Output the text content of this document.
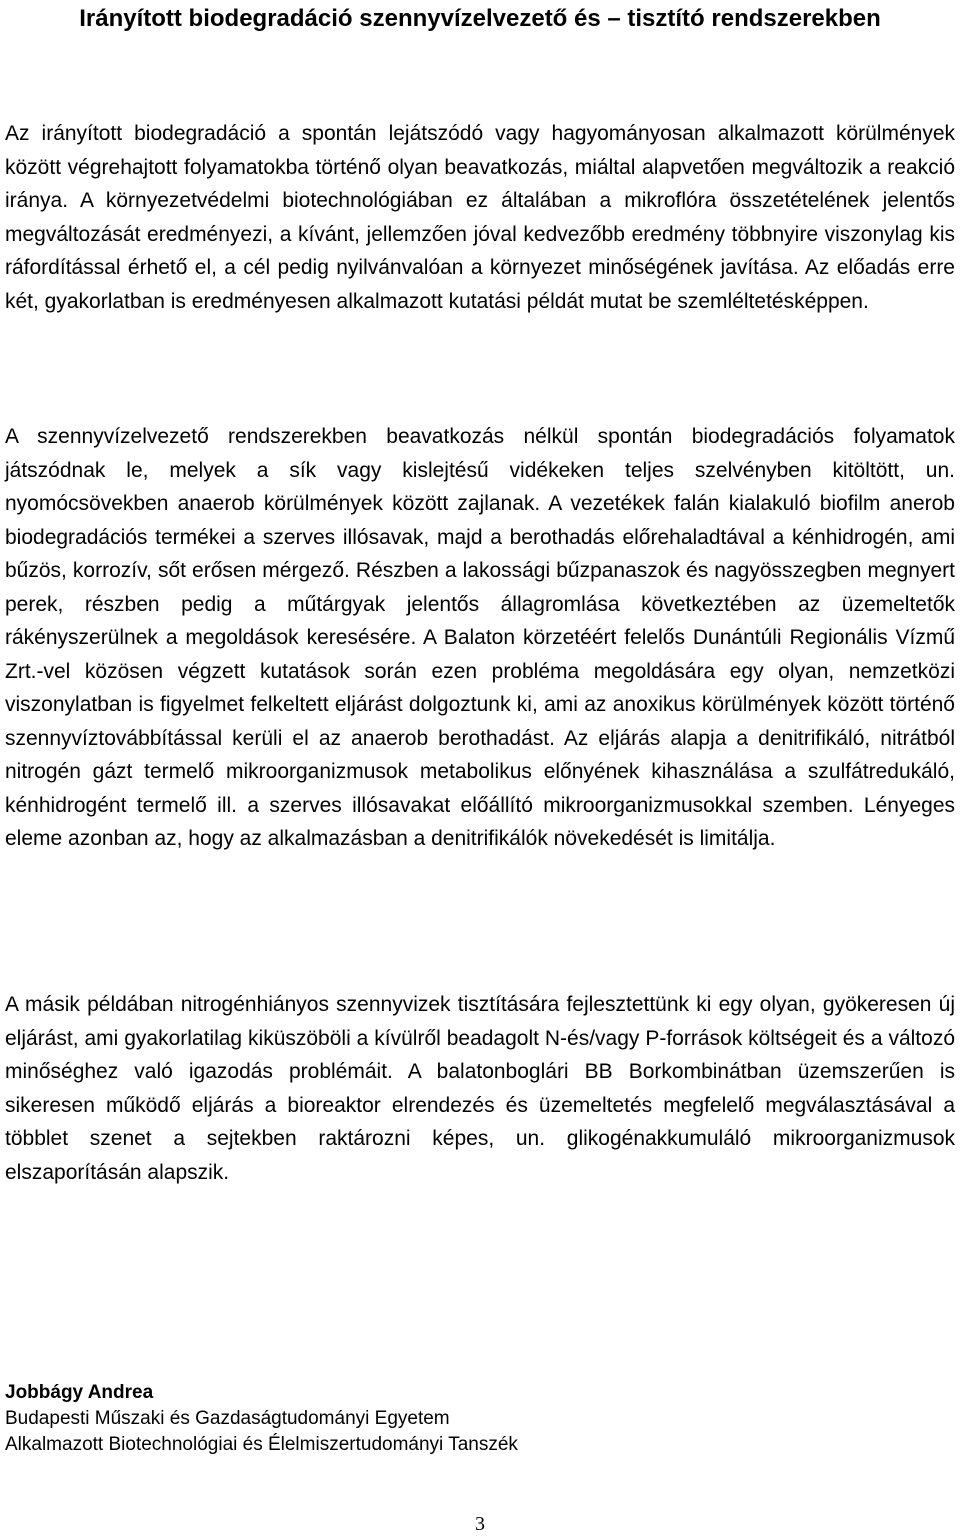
Irányított biodegradáció szennyvízelvezető és – tisztító rendszerekben

Az irányított biodegradáció a spontán lejátszódó vagy hagyományosan alkalmazott körülmények között végrehajtott folyamatokba történő olyan beavatkozás, miáltal alapvetően megváltozik a reakció iránya. A környezetvédelmi biotechnológiában ez általában a mikroflóra összetételének jelentős megváltozását eredményezi, a kívánt, jellemzően jóval kedvezőbb eredmény többnyire viszonylag kis ráfordítással érhető el, a cél pedig nyilvánvalóan a környezet minőségének javítása. Az előadás erre két, gyakorlatban is eredményesen alkalmazott kutatási példát mutat be szemléltetésképpen.

A szennyvízelvezető rendszerekben beavatkozás nélkül spontán biodegradációs folyamatok játszódnak le, melyek a sík vagy kislejtésű vidékeken teljes szelvényben kitöltött, un. nyomócsövekben anaerob körülmények között zajlanak. A vezetékek falán kialakuló biofilm anerob biodegradációs termékei a szerves illósavak, majd a berothadás előrehaladtával a kénhidrogén, ami bűzös, korrozív, sőt erősen mérgező. Részben a lakossági bűzpanaszok és nagyösszegben megnyert perek, részben pedig a műtárgyak jelentős állagromlása következtében az üzemeltetők rákényszerülnek a megoldások keresésére. A Balaton körzetéért felelős Dunántúli Regionális Vízmű Zrt.-vel közösen végzett kutatások során ezen probléma megoldására egy olyan, nemzetközi viszonylatban is figyelmet felkeltett eljárást dolgoztunk ki, ami az anoxikus körülmények között történő szennyvíztovábbítással kerüli el az anaerob berothadást. Az eljárás alapja a denitrifikáló, nitrátból nitrogén gázt termelő mikroorganizmusok metabolikus előnyének kihasználása a szulfátredukáló, kénhidrogént termelő ill. a szerves illósavakat előállító mikroorganizmusokkal szemben. Lényeges eleme azonban az, hogy az alkalmazásban a denitrifikálók növekedését is limitálja.

A másik példában nitrogénhiányos szennyvizek tisztítására fejlesztettünk ki egy olyan, gyökeresen új eljárást, ami gyakorlatilag kiküszöböli a kívülről beadagolt N-és/vagy P-források költségeit és a változó minőséghez való igazodás problémáit. A balatonboglári BB Borkombinátban üzemszerűen is sikeresen működő eljárás a bioreaktor elrendezés és üzemeltetés megfelelő megválasztásával a többlet szenet a sejtekben raktározni képes, un. glikogénakkumuláló mikroorganizmusok elszaporításán alapszik.

Jobbágy Andrea
Budapesti Műszaki és Gazdaságtudományi Egyetem
Alkalmazott Biotechnológiai és Élelmiszertudományi Tanszék
3
